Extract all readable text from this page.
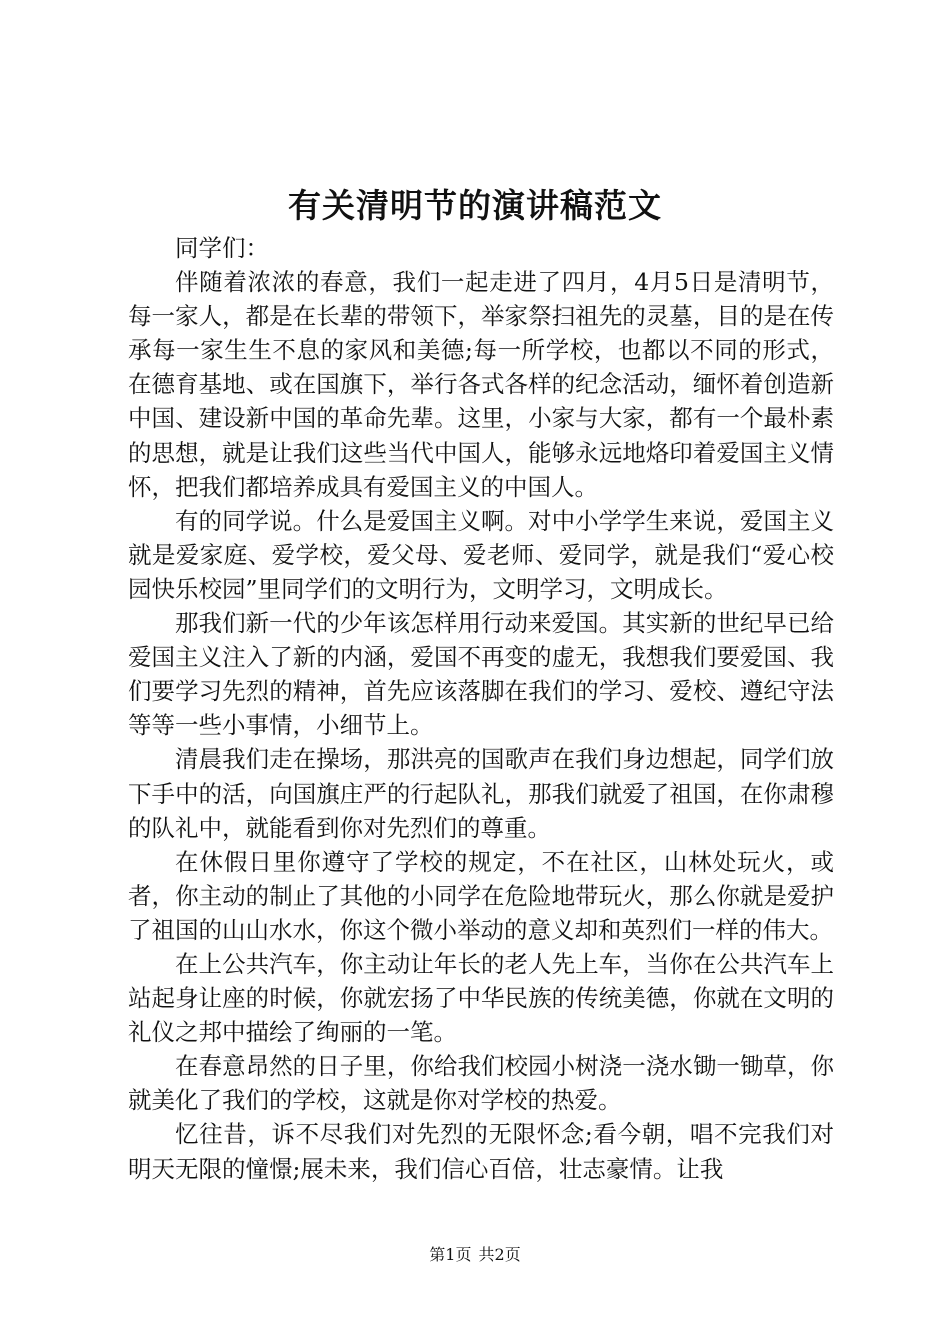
有关清明节的演讲稿范文

同学们：

伴随着浓浓的春意，我们一起走进了四月，4月5日是清明节，每一家人，都是在长辈的带领下，举家祭扫祖先的灵墓，目的是在传承每一家生生不息的家风和美德;每一所学校，也都以不同的形式，在德育基地、或在国旗下，举行各式各样的纪念活动，缅怀着创造新中国、建设新中国的革命先辈。这里，小家与大家，都有一个最朴素的思想，就是让我们这些当代中国人，能够永远地烙印着爱国主义情怀，把我们都培养成具有爱国主义的中国人。

有的同学说。什么是爱国主义啊。对中小学学生来说，爱国主义就是爱家庭、爱学校，爱父母、爱老师、爱同学，就是我们“爱心校园快乐校园”里同学们的文明行为，文明学习，文明成长。

那我们新一代的少年该怎样用行动来爱国。其实新的世纪早已给爱国主义注入了新的内涵，爱国不再变的虚无，我想我们要爱国、我们要学习先烈的精神，首先应该落脚在我们的学习、爱校、遵纪守法等等一些小事情，小细节上。

清晨我们走在操场，那洪亮的国歌声在我们身边想起，同学们放下手中的活，向国旗庄严的行起队礼，那我们就爱了祖国，在你肃穆的队礼中，就能看到你对先烈们的尊重。

在休假日里你遵守了学校的规定，不在社区，山林处玩火，或者，你主动的制止了其他的小同学在危险地带玩火，那么你就是爱护了祖国的山山水水，你这个微小举动的意义却和英烈们一样的伟大。

在上公共汽车，你主动让年长的老人先上车，当你在公共汽车上站起身让座的时候，你就宏扬了中华民族的传统美德，你就在文明的礼仪之邦中描绘了绚丽的一笔。

在春意昂然的日子里，你给我们校园小树浇一浇水锄一锄草，你就美化了我们的学校，这就是你对学校的热爱。

忆往昔，诉不尽我们对先烈的无限怀念;看今朝，唱不完我们对明天无限的憧憬;展未来，我们信心百倍，壮志豪情。让我

第1页 共2页
